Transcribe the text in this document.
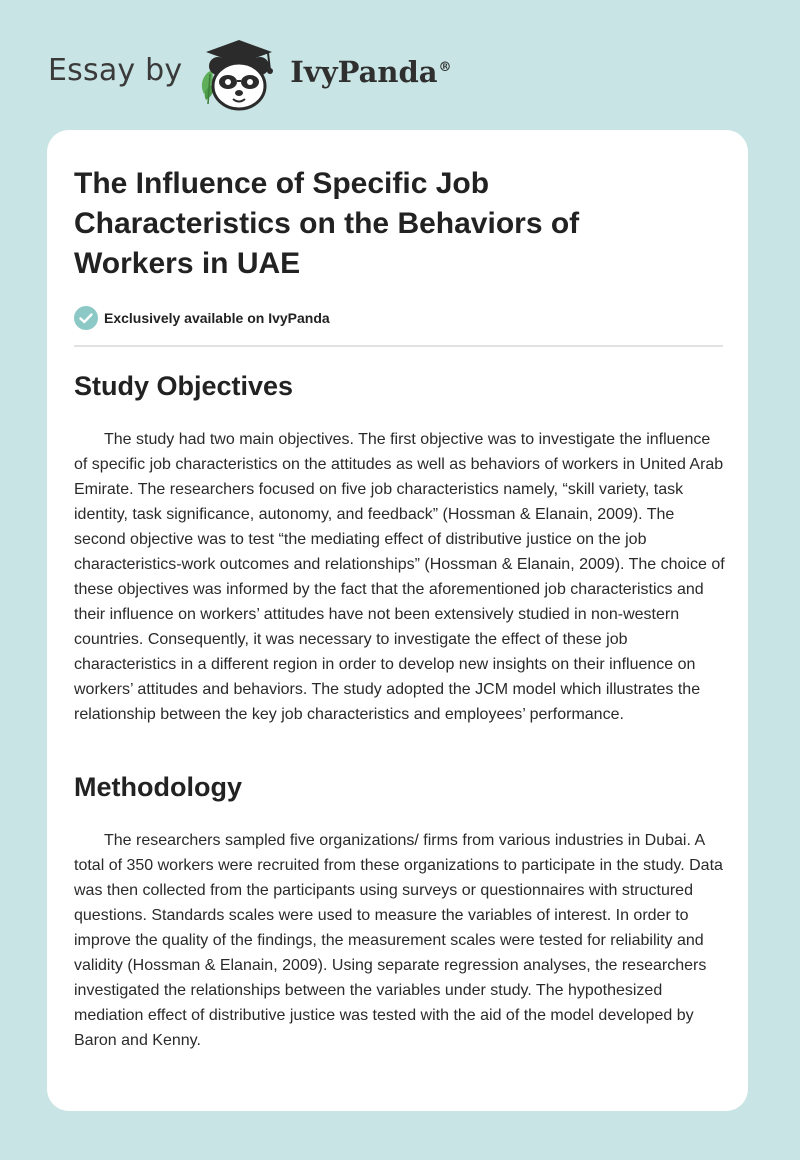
Essay by	IvyPanda®
The Influence of Specific Job Characteristics on the Behaviors of Workers in UAE
Exclusively available on IvyPanda
Study Objectives

The study had two main objectives. The first objective was to investigate the influence of specific job characteristics on the attitudes as well as behaviors of workers in United Arab Emirate. The researchers focused on five job characteristics namely, “skill variety, task identity, task significance, autonomy, and feedback” (Hossman & Elanain, 2009). The second objective was to test “the mediating effect of distributive justice on the job characteristics-work outcomes and relationships” (Hossman & Elanain, 2009). The choice of these objectives was informed by the fact that the aforementioned job characteristics and their influence on workers’ attitudes have not been extensively studied in non-western countries. Consequently, it was necessary to investigate the effect of these job characteristics in a different region in order to develop new insights on their influence on workers’ attitudes and behaviors. The study adopted the JCM model which illustrates the relationship between the key job characteristics and employees’ performance.

Methodology

The researchers sampled five organizations/ firms from various industries in Dubai. A total of 350 workers were recruited from these organizations to participate in the study. Data was then collected from the participants using surveys or questionnaires with structured questions. Standards scales were used to measure the variables of interest. In order to improve the quality of the findings, the measurement scales were tested for reliability and validity (Hossman & Elanain, 2009). Using separate regression analyses, the researchers investigated the relationships between the variables under study. The hypothesized mediation effect of distributive justice was tested with the aid of the model developed by Baron and Kenny.
